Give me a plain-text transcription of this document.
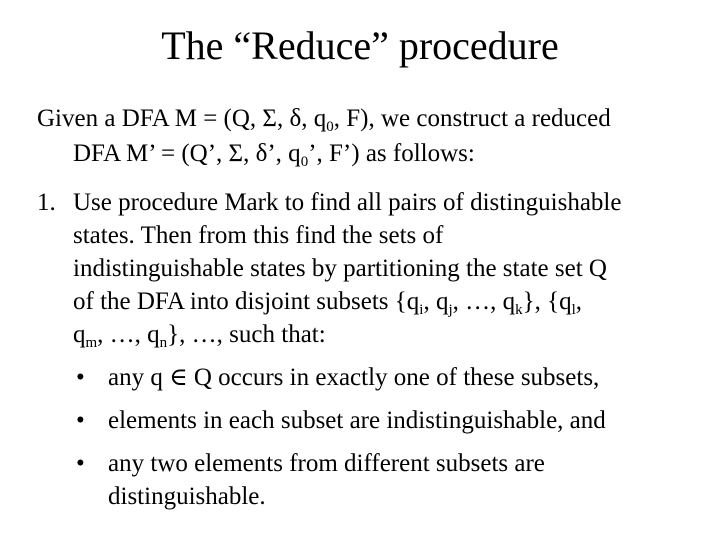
The “Reduce” procedure
Given a DFA M = (Q, Σ, δ, $q_0$, F), we construct a reduced
DFA M’ = (Q’, Σ, δ’, $q_0$’, F’) as follows:
1. Use procedure Mark to find all pairs of distinguishable
states. Then from this find the sets of
indistinguishable states by partitioning the state set Q
of the DFA into disjoint subsets {$q_i$, $q_j$, …, $q_k$}, {$q_l$,
$q_m$, …, $q_n$}, …, such that:
• any q ∈ Q occurs in exactly one of these subsets,
• elements in each subset are indistinguishable, and
• any two elements from different subsets are
distinguishable.
